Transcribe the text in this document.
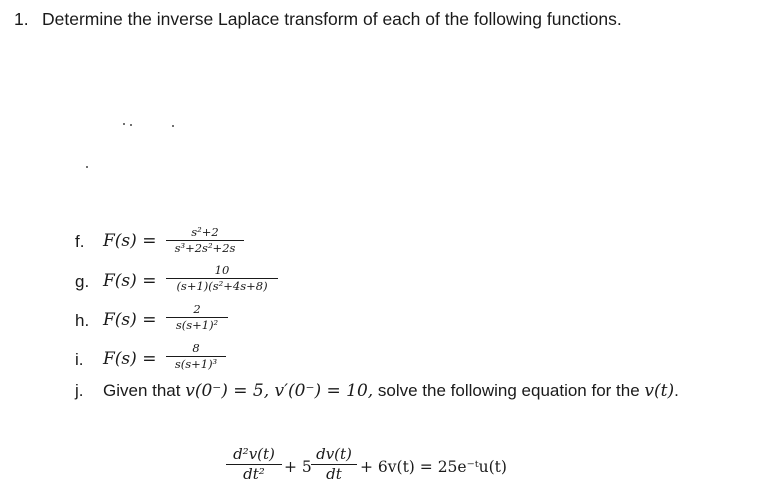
1. Determine the inverse Laplace transform of each of the following functions.
f. F(s) =	s²+2
s³+2s²+2s
g. F(s) =
10
(s+1)(s²+4s+8)
h. F(s) =
2
s(s+1)²
i. F(s) =
8
s(s+1)³
j. Given that v(0⁻) = 5, v′(0⁻) = 10, solve the following equation for the v(t).
d²v(t)
dt²	+ 5
dv(t)
dt	+ 6v(t) = 25e⁻ᵗu(t)
